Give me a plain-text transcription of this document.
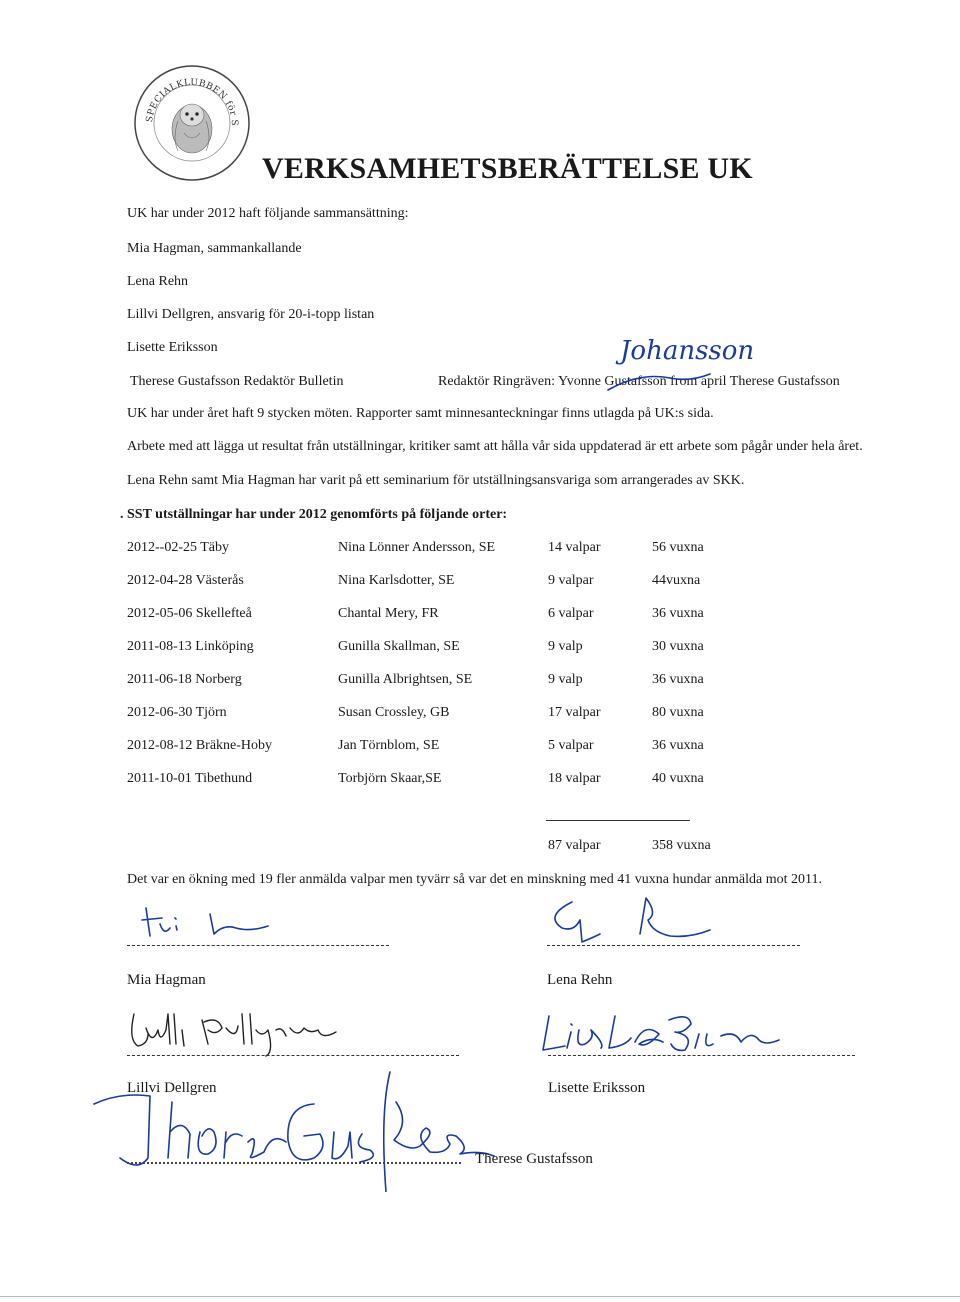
SPECIALKLUBBEN för S
VERKSAMHETSBERÄTTELSE UK
UK har under 2012 haft följande sammansättning:
Mia Hagman, sammankallande
Lena Rehn
Lillvi Dellgren, ansvarig för 20-i-topp listan
Lisette Eriksson
Therese Gustafsson Redaktör Bulletin	Redaktör Ringräven: Yvonne Gustafsson from april Therese Gustafsson
Johansson
UK har under året haft 9 stycken möten. Rapporter samt minnesanteckningar finns utlagda på UK:s sida.
Arbete med att lägga ut resultat från utställningar, kritiker samt att hålla vår sida uppdaterad är ett arbete som pågår under hela året.
Lena Rehn samt Mia Hagman har varit på ett seminarium för utställningsansvariga som arrangerades av SKK.
. SST utställningar har under 2012 genomförts på följande orter:
2012--02-25 Täby	Nina Lönner Andersson, SE	14 valpar	56 vuxna
2012-04-28 Västerås	Nina Karlsdotter, SE	9 valpar	44vuxna
2012-05-06 Skellefteå	Chantal Mery, FR	6 valpar	36 vuxna
2011-08-13 Linköping	Gunilla Skallman, SE	9 valp	30 vuxna
2011-06-18 Norberg	Gunilla Albrightsen, SE	9 valp	36 vuxna
2012-06-30 Tjörn	Susan Crossley, GB	17 valpar	80 vuxna
2012-08-12 Bräkne-Hoby	Jan Törnblom, SE	5 valpar	36 vuxna
2011-10-01 Tibethund	Torbjörn Skaar,SE	18 valpar	40 vuxna
87 valpar	358 vuxna
Det var en ökning med 19 fler anmälda valpar men tyvärr så var det en minskning med 41 vuxna hundar anmälda mot 2011.
Mia Hagman	Lena Rehn
Lillvi Dellgren	Lisette Eriksson
Therese Gustafsson
